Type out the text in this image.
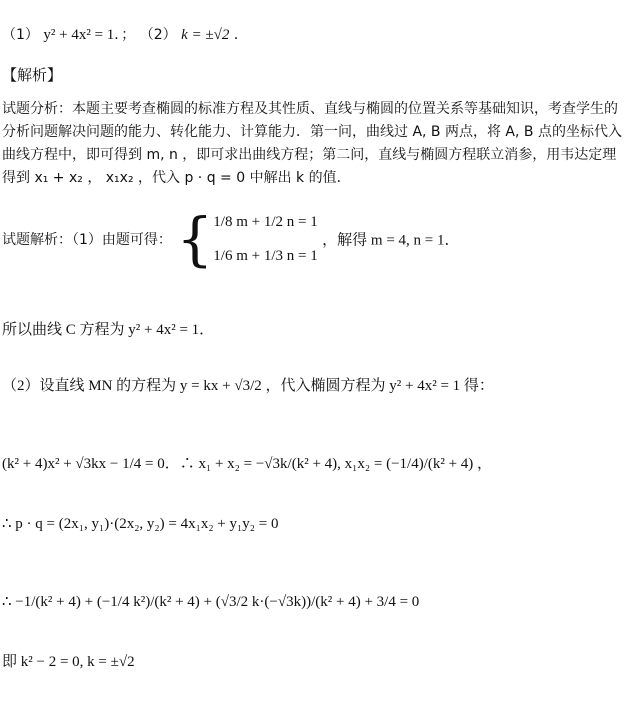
（1） y² + 4x² = 1．； （2） k = ±√2 ．
【解析】
试题分析：本题主要考查椭圆的标准方程及其性质、直线与椭圆的位置关系等基础知识，考查学生的分析问题解决问题的能力、转化能力、计算能力．第一问，曲线过 A, B 两点，将 A, B 点的坐标代入曲线方程中，即可得到 m, n ，即可求出曲线方程；第二问，直线与椭圆方程联立消参，用韦达定理得到 x₁ + x₂ ， x₁x₂ ，代入 p · q = 0 中解出 k 的值．
试题解析：（1）由题可得： { 1/8 m + 1/2 n = 1
1/6 m + 1/3 n = 1
，解得 m = 4, n = 1．
所以曲线 C 方程为 y² + 4x² = 1．
（2）设直线 MN 的方程为 y = kx + √3/2 ，代入椭圆方程为 y² + 4x² = 1 得：
(k² + 4)x² + √3kx − 1/4 = 0．∴ x₁ + x₂ = −√3k/(k² + 4), x₁x₂ = (−1/4)/(k² + 4) ，
∴ p · q = (2x₁, y₁)·(2x₂, y₂) = 4x₁x₂ + y₁y₂ = 0
∴ −1/(k² + 4) + (−1/4 k²)/(k² + 4) + (√3/2 k·(−√3k))/(k² + 4) + 3/4 = 0
即 k² − 2 = 0, k = ±√2
